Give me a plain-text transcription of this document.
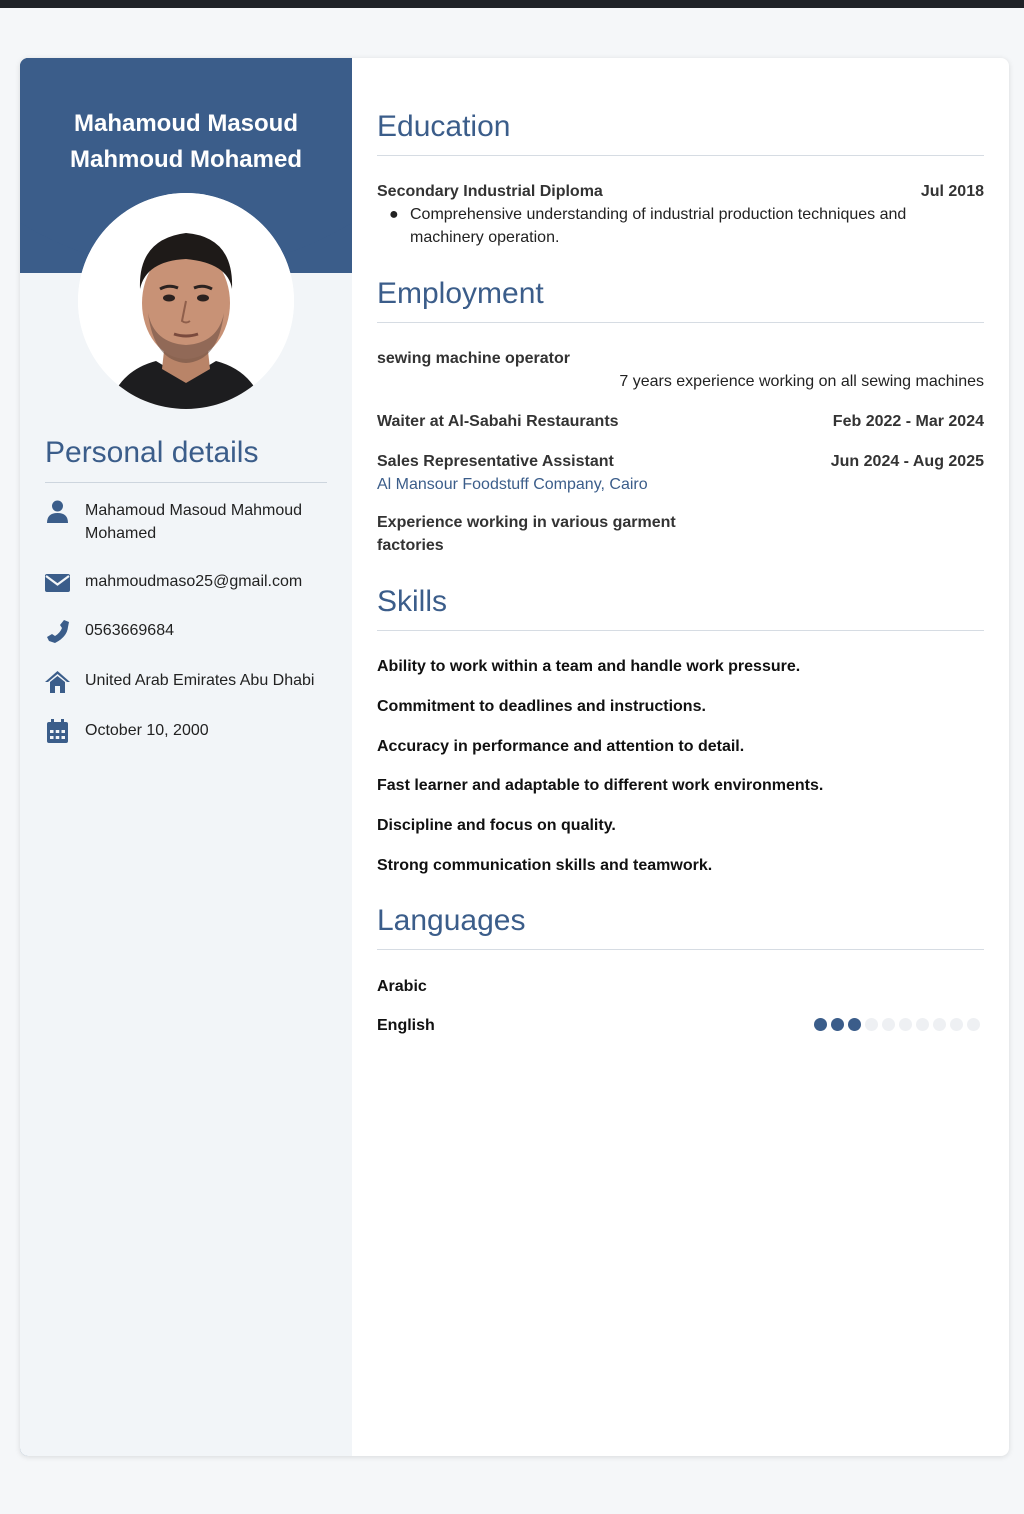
Mahamoud Masoud
Mahmoud Mohamed
Personal details
Mahamoud Masoud Mahmoud Mohamed
mahmoudmaso25@gmail.com
0563669684
United Arab Emirates Abu Dhabi
October 10, 2000
Education
Secondary Industrial Diploma	Jul 2018
● Comprehensive understanding of industrial production techniques and machinery operation.
Employment
sewing machine operator
7 years experience working on all sewing machines
Waiter at Al-Sabahi Restaurants	Feb 2022 - Mar 2024
Sales Representative Assistant	Jun 2024 - Aug 2025
Al Mansour Foodstuff Company, Cairo
Experience working in various garment factories
Skills
Ability to work within a team and handle work pressure.
Commitment to deadlines and instructions.
Accuracy in performance and attention to detail.
Fast learner and adaptable to different work environments.
Discipline and focus on quality.
Strong communication skills and teamwork.
Languages
Arabic
English
